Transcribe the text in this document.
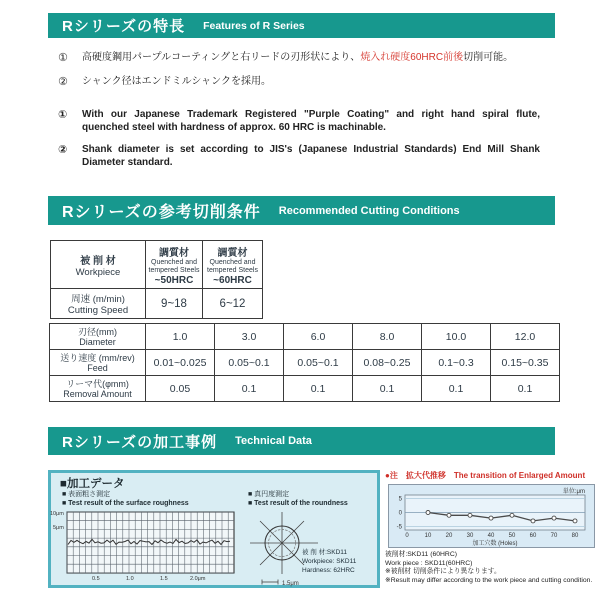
Rシリーズの特長 Features of R Series
①	高硬度鋼用パープルコーティングと右リードの刃形状により、焼入れ硬度60HRC前後切削可能。
②	シャンク径はエンドミルシャンクを採用。
①	With our Japanese Trademark Registered "Purple Coating" and right hand spiral flute, quenched steel with hardness of approx. 60 HRC is machinable.
②	Shank diameter is set according to JIS's (Japanese Industrial Standards) End Mill Shank Diameter standard.
Rシリーズの参考切削条件 Recommended Cutting Conditions
被 削 材
Workpiece	調質材
Quenched and
tempered Steels
~50HRC	調質材
Quenched and
tempered Steels
~60HRC

周速 (m/min)
Cutting Speed	9~18	6~12
刃径(mm)
Diameter	1.0	3.0	6.0	8.0	10.0	12.0

送り速度 (mm/rev)
Feed	0.01~0.025	0.05~0.1	0.05~0.1	0.08~0.25	0.1~0.3	0.15~0.35

リーマ代(φmm)
Removal Amount	0.05	0.1	0.1	0.1	0.1	0.1
Rシリーズの加工事例 Technical Data
■加工データ
■ 表面粗さ測定
■ Test result of the surface roughness
■ 真円度測定
■ Test result of the roundness
10μm
5μm
0.5	1.0	1.5	2.0μm
1.5μm
被 削 材:SKD11
Workpiece: SKD11
Hardness: 62HRC
●注 拡大代推移 The transition of Enlarged Amount
単位:μm
加工穴数 (Holes)
5
0
-5
0	10 20 30 40 50 60 70 80
被削材:SKD11 (60HRC)
Work piece : SKD11(60HRC)
※被削材 切削条件により異なります。
※Result may differ according to the work piece and cutting condition.
